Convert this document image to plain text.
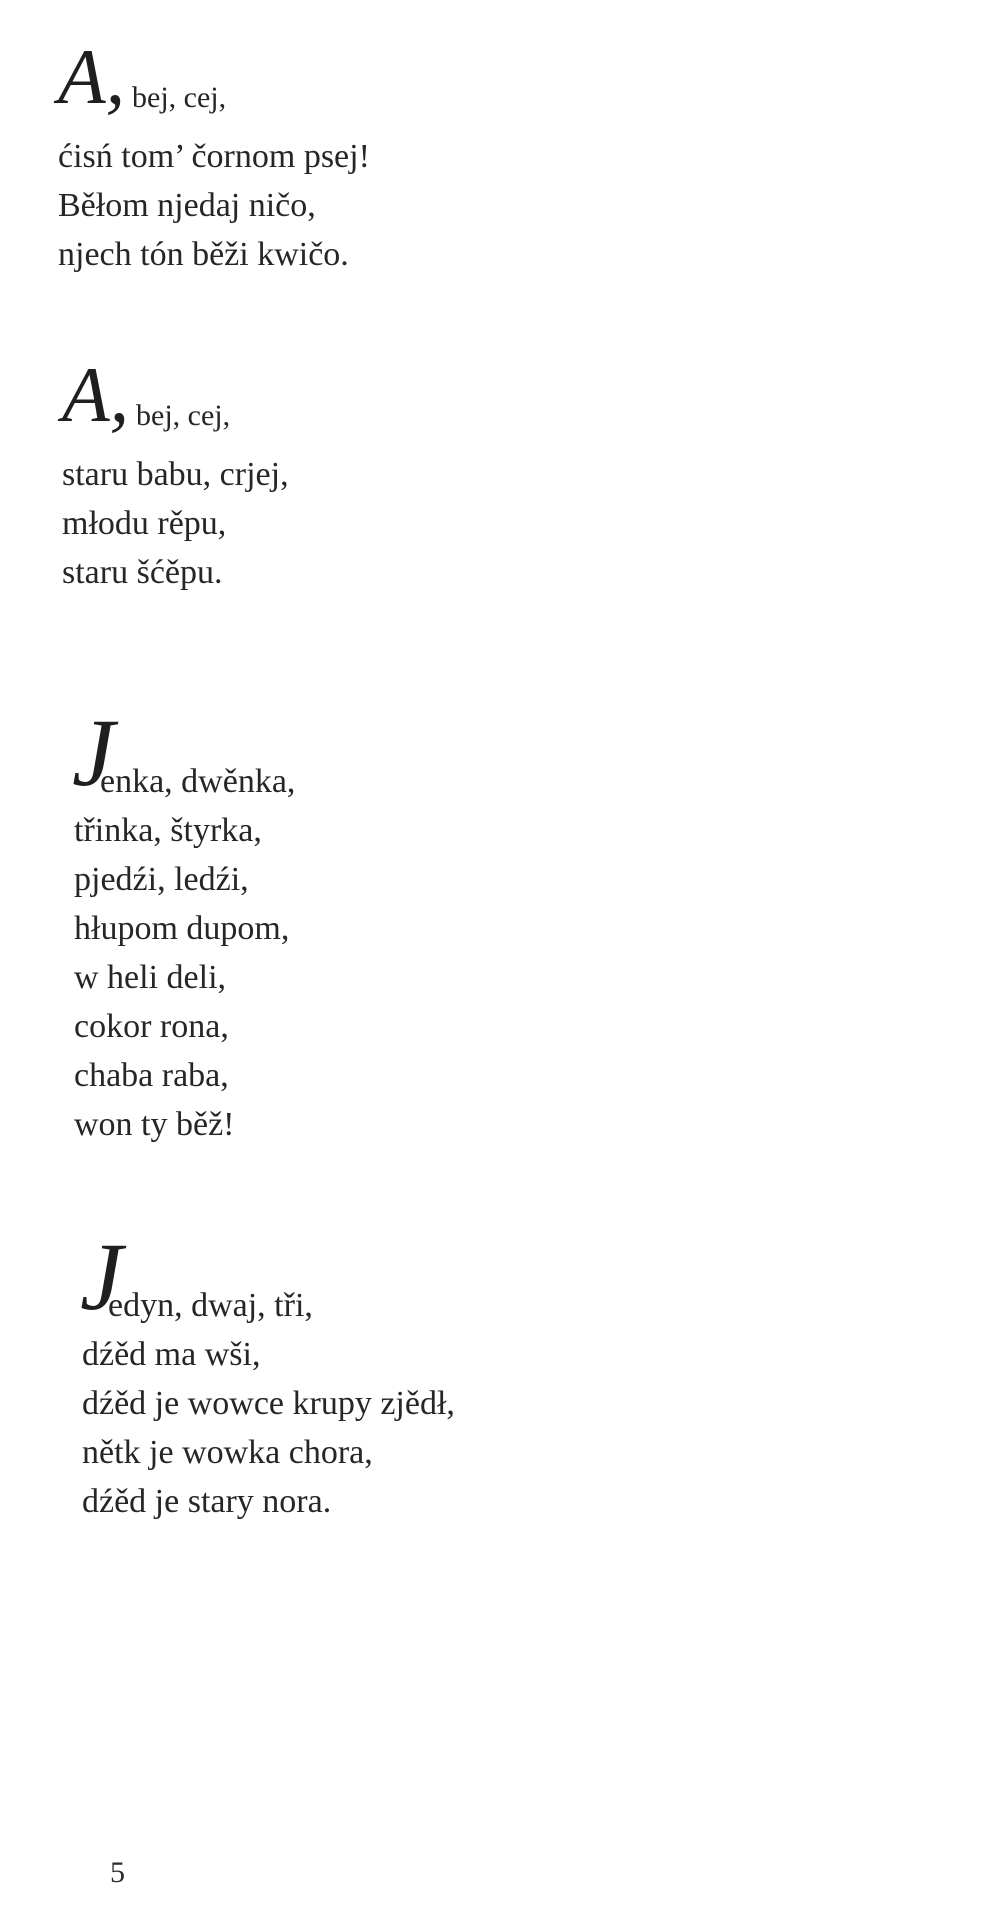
A, bej, cej,
ćisń tom’ čornom psej!
Běłom njedaj ničo,
njech tón běži kwičo.
A, bej, cej,
staru babu, crjej,
młodu rěpu,
staru šćěpu.
J
enka, dwěnka,
třinka, štyrka,
pjedźi, ledźi,
hłupom dupom,
w heli deli,
cokor rona,
chaba raba,
won ty běž!
J
edyn, dwaj, tři,
dźěd ma wši,
dźěd je wowce krupy zjědł,
nětk je wowka chora,
dźěd je stary nora.
5
